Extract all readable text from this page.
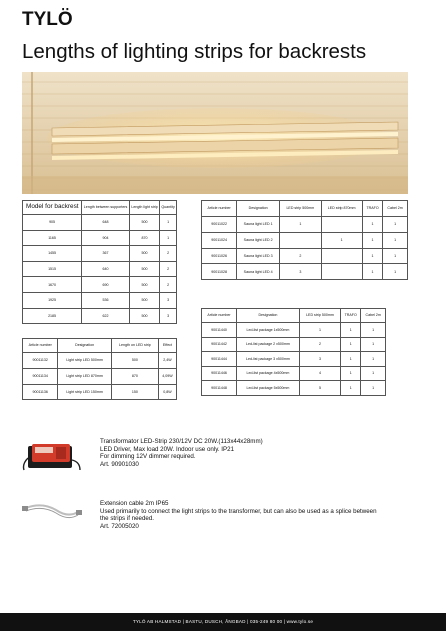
TYLÖ
Lengths of lighting strips for backrests
Model for backrest	Length between supporters	Length light strip	Quantity
905	648	500	1
1165	904	870	1
1455	367	500	2
1515	640	500	2
1670	690	500	2
1925	536	500	3
2185	622	500	3
Article number	Designation	LED strip 500mm	LED strip 870mm	TRAFO	Cabel 2m
90011022	Sauna light LED 1	1		1	1
90011024	Sauna light LED 2		1	1	1
90011026	Sauna light LED 3	2		1	1
90011028	Sauna light LED 4	3		1	1
Article number	Designation	LED strip 500mm	TRAFO	Cabel 2m
90011440	Led-list package 1x500mm	1	1	1
90011442	Led-list package 2 x500mm	2	1	1
90011444	Led-list package 3 x500mm	3	1	1
90011446	Led-list package 4x500mm	4	1	1
90011448	Led-list package 5x500mm	5	1	1
Article number	Designation	Length on LED strip	Effect
90011132	Light strip LED 500mm	500	2,4W
90011134	Light strip LED 870mm	870	4,09W
90011136	Light strip LED 150mm	150	0,8W

Transformator LED-Strip 230/12V DC 20W.(113x44x28mm)

LED Driver, Max load 20W. Indoor use only. IP21

For dimming 12V dimmer required.

Art. 90901030

Extension cable 2m IP65

Used primarily to connect the light strips to the transformer, but can also be used as a splice between

the strips if needed.

Art. 72005020

TYLÖ AB HALMSTAD | BASTU, DUSCH, ÅNGBAD | 035-249 80 00 | www.tylo.se
